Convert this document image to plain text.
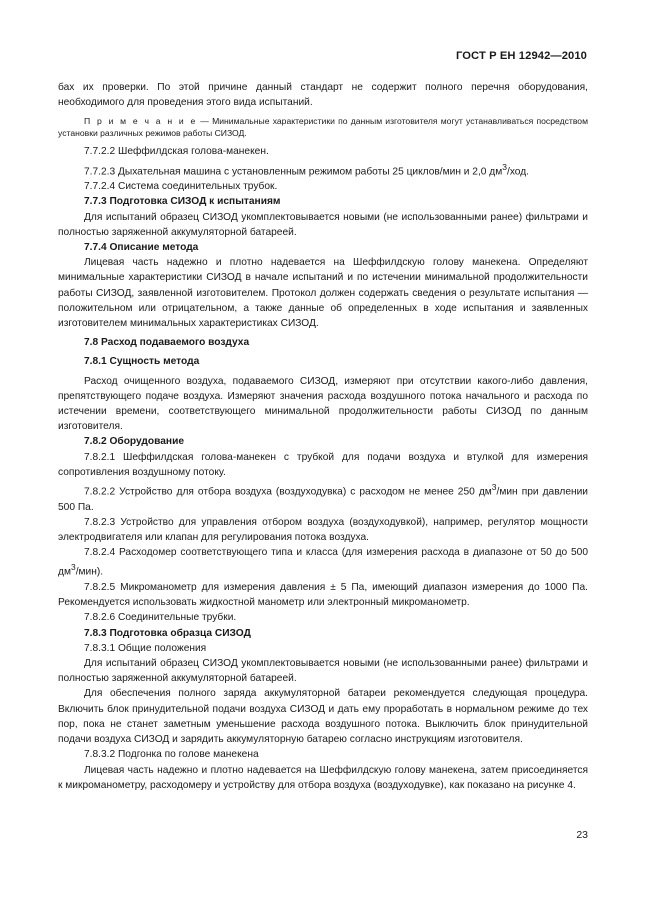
ГОСТ Р ЕН 12942—2010

бах их проверки. По этой причине данный стандарт не содержит полного перечня оборудования, необходимого для проведения этого вида испытаний.

П р и м е ч а н и е — Минимальные характеристики по данным изготовителя могут устанавливаться посредством установки различных режимов работы СИЗОД.

7.7.2.2 Шеффилдская голова-манекен.

7.7.2.3 Дыхательная машина с установленным режимом работы 25 циклов/мин и 2,0 $дм^3$/ход.

7.7.2.4 Система соединительных трубок.

7.7.3 Подготовка СИЗОД к испытаниям

Для испытаний образец СИЗОД укомплектовывается новыми (не использованными ранее) фильтрами и полностью заряженной аккумуляторной батареей.

7.7.4 Описание метода

Лицевая часть надежно и плотно надевается на Шеффилдскую голову манекена. Определяют минимальные характеристики СИЗОД в начале испытаний и по истечении минимальной продолжительности работы СИЗОД, заявленной изготовителем. Протокол должен содержать сведения о результате испытания — положительном или отрицательном, а также данные об определенных в ходе испытания и заявленных изготовителем минимальных характеристиках СИЗОД.

7.8 Расход подаваемого воздуха

7.8.1 Сущность метода

Расход очищенного воздуха, подаваемого СИЗОД, измеряют при отсутствии какого-либо давления, препятствующего подаче воздуха. Измеряют значения расхода воздушного потока начального и расхода по истечении времени, соответствующего минимальной продолжительности работы СИЗОД по данным изготовителя.

7.8.2 Оборудование

7.8.2.1 Шеффилдская голова-манекен с трубкой для подачи воздуха и втулкой для измерения сопротивления воздушному потоку.

7.8.2.2 Устройство для отбора воздуха (воздуходувка) с расходом не менее 250 $дм^3$/мин при давлении 500 Па.

7.8.2.3 Устройство для управления отбором воздуха (воздуходувкой), например, регулятор мощности электродвигателя или клапан для регулирования потока воздуха.

7.8.2.4 Расходомер соответствующего типа и класса (для измерения расхода в диапазоне от 50 до 500 $дм^3/мин$).

7.8.2.5 Микроманометр для измерения давления ± 5 Па, имеющий диапазон измерения до 1000 Па. Рекомендуется использовать жидкостной манометр или электронный микроманометр.

7.8.2.6 Соединительные трубки.

7.8.3 Подготовка образца СИЗОД

7.8.3.1 Общие положения

Для испытаний образец СИЗОД укомплектовывается новыми (не использованными ранее) фильтрами и полностью заряженной аккумуляторной батареей.

Для обеспечения полного заряда аккумуляторной батареи рекомендуется следующая процедура. Включить блок принудительной подачи воздуха СИЗОД и дать ему проработать в нормальном режиме до тех пор, пока не станет заметным уменьшение расхода воздушного потока. Выключить блок принудительной подачи воздуха СИЗОД и зарядить аккумуляторную батарею согласно инструкциям изготовителя.

7.8.3.2 Подгонка по голове манекена

Лицевая часть надежно и плотно надевается на Шеффилдскую голову манекена, затем присоединяется к микроманометру, расходомеру и устройству для отбора воздуха (воздуходувке), как показано на рисунке 4.

23
